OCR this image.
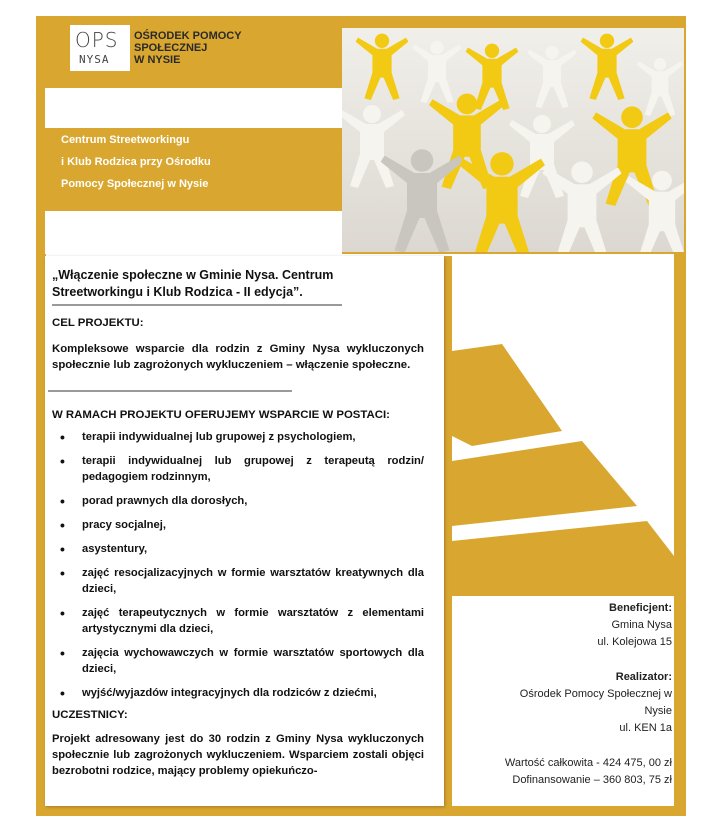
OPS
NYSA
OŚRODEK POMOCY
SPOŁECZNEJ
W NYSIE
Centrum Streetworkingu
i Klub Rodzica przy Ośrodku
Pomocy Społecznej w Nysie
„Włączenie społeczne w Gminie Nysa. Centrum
Streetworkingu i Klub Rodzica - II edycja”.
CEL PROJEKTU:
Kompleksowe wsparcie dla rodzin z Gminy Nysa wykluczonych społecznie lub zagrożonych wykluczeniem – włączenie społeczne.
W RAMACH PROJEKTU OFERUJEMY WSPARCIE W POSTACI:
• terapii indywidualnej lub grupowej z psychologiem,
• terapii indywidualnej lub grupowej z terapeutą rodzin/ pedagogiem rodzinnym,
• porad prawnych dla dorosłych,
• pracy socjalnej,
• asystentury,
• zajęć resocjalizacyjnych w formie warsztatów kreatywnych dla dzieci,
• zajęć terapeutycznych w formie warsztatów z elementami artystycznymi dla dzieci,
• zajęcia wychowawczych w formie warsztatów sportowych dla dzieci,
• wyjść/wyjazdów integracyjnych dla rodziców z dziećmi,
UCZESTNICY:
Projekt adresowany jest do 30 rodzin z Gminy Nysa wykluczonych społecznie lub zagrożonych wykluczeniem. Wsparciem zostali objęci bezrobotni rodzice, mający problemy opiekuńczo-
Beneficjent:
Gmina Nysa
ul. Kolejowa 15
Realizator:
Ośrodek Pomocy Społecznej w
Nysie
ul. KEN 1a
Wartość całkowita - 424 475, 00 zł
Dofinansowanie – 360 803, 75 zł
